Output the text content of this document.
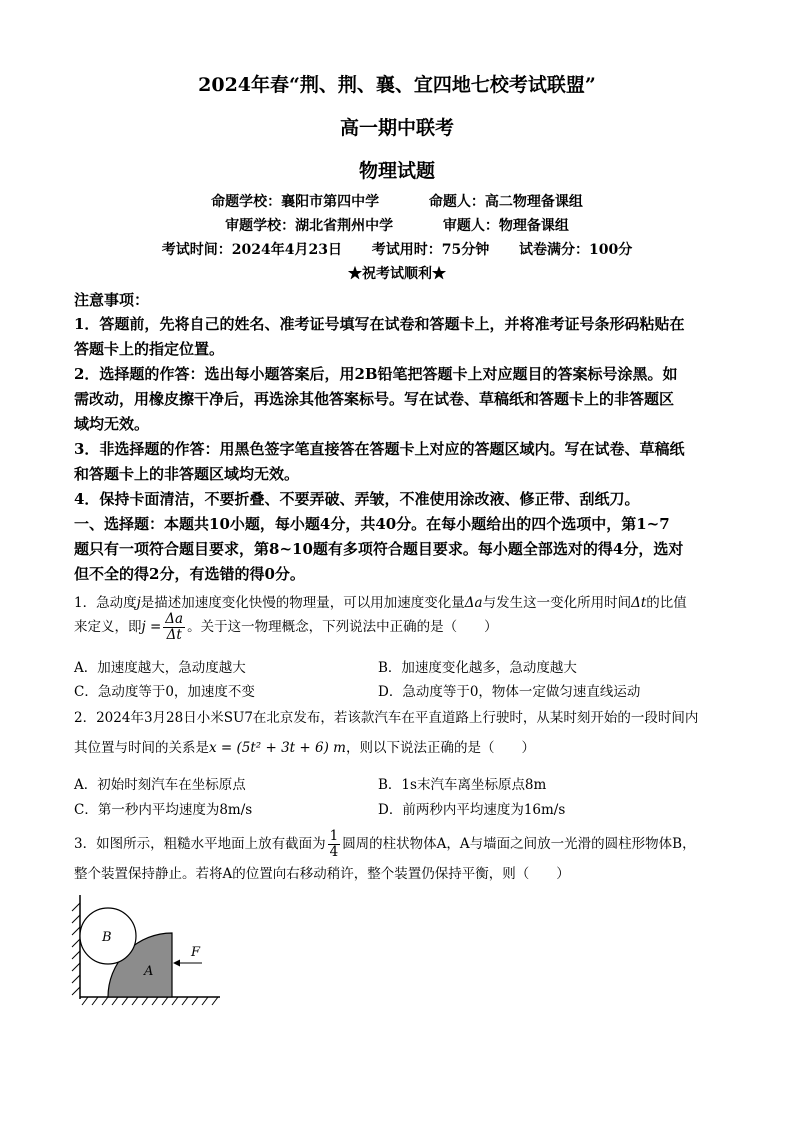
2024年春“荆、荆、襄、宜四地七校考试联盟”
高一期中联考
物理试题
命题学校：襄阳市第四中学	命题人：高二物理备课组
审题学校：湖北省荆州中学	审题人：物理备课组
考试时间：2024年4月23日 考试用时：75分钟 试卷满分：100分
★祝考试顺利★
注意事项：
1．答题前，先将自己的姓名、准考证号填写在试卷和答题卡上，并将准考证号条形码粘贴在
答题卡上的指定位置。
2．选择题的作答：选出每小题答案后，用2B铅笔把答题卡上对应题目的答案标号涂黑。如
需改动，用橡皮擦干净后，再选涂其他答案标号。写在试卷、草稿纸和答题卡上的非答题区
域均无效。
3．非选择题的作答：用黑色签字笔直接答在答题卡上对应的答题区域内。写在试卷、草稿纸
和答题卡上的非答题区域均无效。
4．保持卡面清洁，不要折叠、不要弄破、弄皱，不准使用涂改液、修正带、刮纸刀。
一、选择题：本题共10小题，每小题4分，共40分。在每小题给出的四个选项中，第1~7
题只有一项符合题目要求，第8~10题有多项符合题目要求。每小题全部选对的得4分，选对
但不全的得2分，有选错的得0分。
1．急动度j是描述加速度变化快慢的物理量，可以用加速度变化量Δa与发生这一变化所用时间Δt的比值
来定义，即$j = \frac{\Delta a}{\Delta t}$ 。关于这一物理概念，下列说法中正确的是（　　）
A．加速度越大，急动度越大	B．加速度变化越多，急动度越大
C．急动度等于0，加速度不变	D．急动度等于0，物体一定做匀速直线运动
2．2024年3月28日小米SU7在北京发布，若该款汽车在平直道路上行驶时，从某时刻开始的一段时间内
其位置与时间的关系是x = (5t² + 3t + 6) m，则以下说法正确的是（　　）
A．初始时刻汽车在坐标原点	B．1s末汽车离坐标原点8m
C．第一秒内平均速度为8m/s	D．前两秒内平均速度为16m/s
3．如图所示，粗糙水平地面上放有截面为 $\frac{1}{4}$ 圆周的柱状物体A，A与墙面之间放一光滑的圆柱形物体B，
整个装置保持静止。若将A的位置向右移动稍许，整个装置仍保持平衡，则（　　）
A
B
F
